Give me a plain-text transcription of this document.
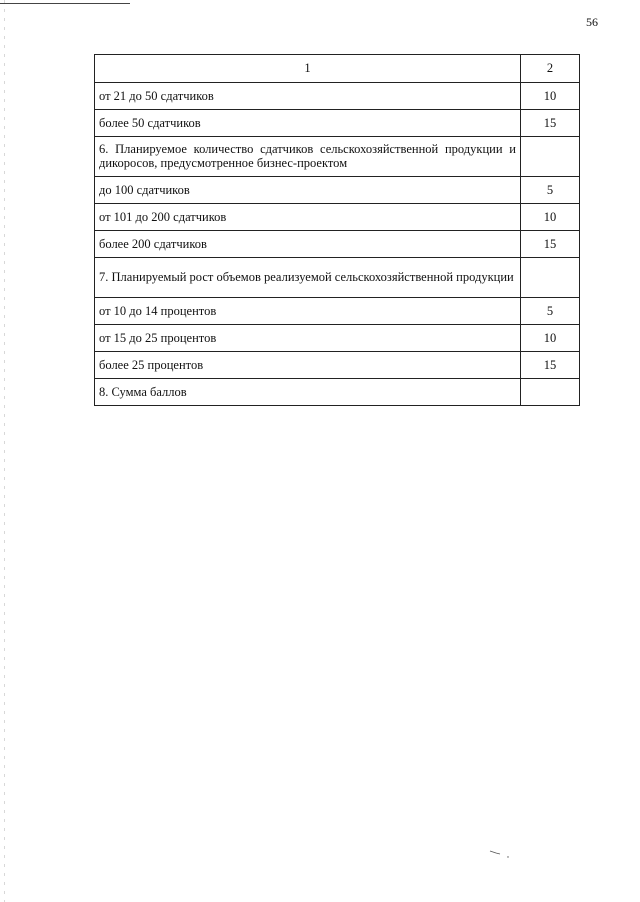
56
1	2
от 21 до 50 сдатчиков	10
более 50 сдатчиков	15
6. Планируемое количество сдатчиков сельскохозяйственной продукции и дикоросов, предусмотренное бизнес-проектом	
до 100 сдатчиков	5
от 101 до 200 сдатчиков	10
более 200 сдатчиков	15
7. Планируемый рост объемов реализуемой сельскохозяйственной продукции	
от 10 до 14 процентов	5
от 15 до 25 процентов	10
более 25 процентов	15
8. Сумма баллов	
